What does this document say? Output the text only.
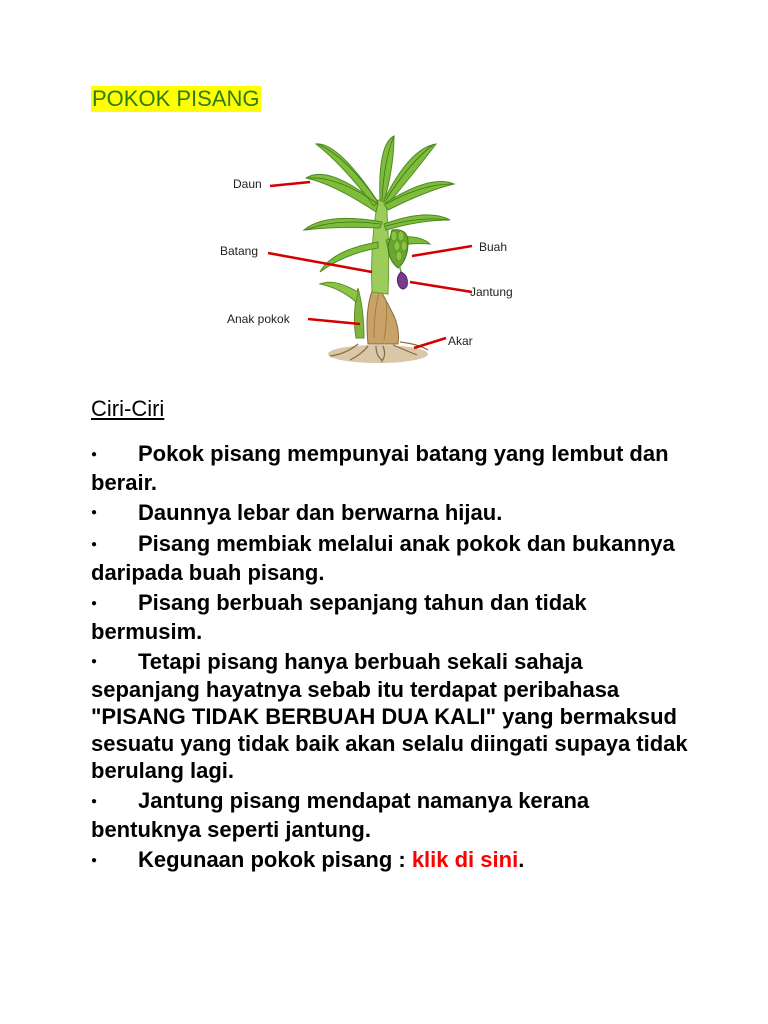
POKOK PISANG
Daun
Batang
Anak pokok
Buah
Jantung
Akar
Ciri-Ciri
● Pokok pisang mempunyai batang yang lembut dan berair.
● Daunnya lebar dan berwarna hijau.
● Pisang membiak melalui anak pokok dan bukannya daripada buah pisang.
● Pisang berbuah sepanjang tahun dan tidak bermusim.
● Tetapi pisang hanya berbuah sekali sahaja sepanjang hayatnya sebab itu terdapat peribahasa "PISANG TIDAK BERBUAH DUA KALI" yang bermaksud sesuatu yang tidak baik akan selalu diingati supaya tidak berulang lagi.
● Jantung pisang mendapat namanya kerana bentuknya seperti jantung.
● Kegunaan pokok pisang : klik di sini.
